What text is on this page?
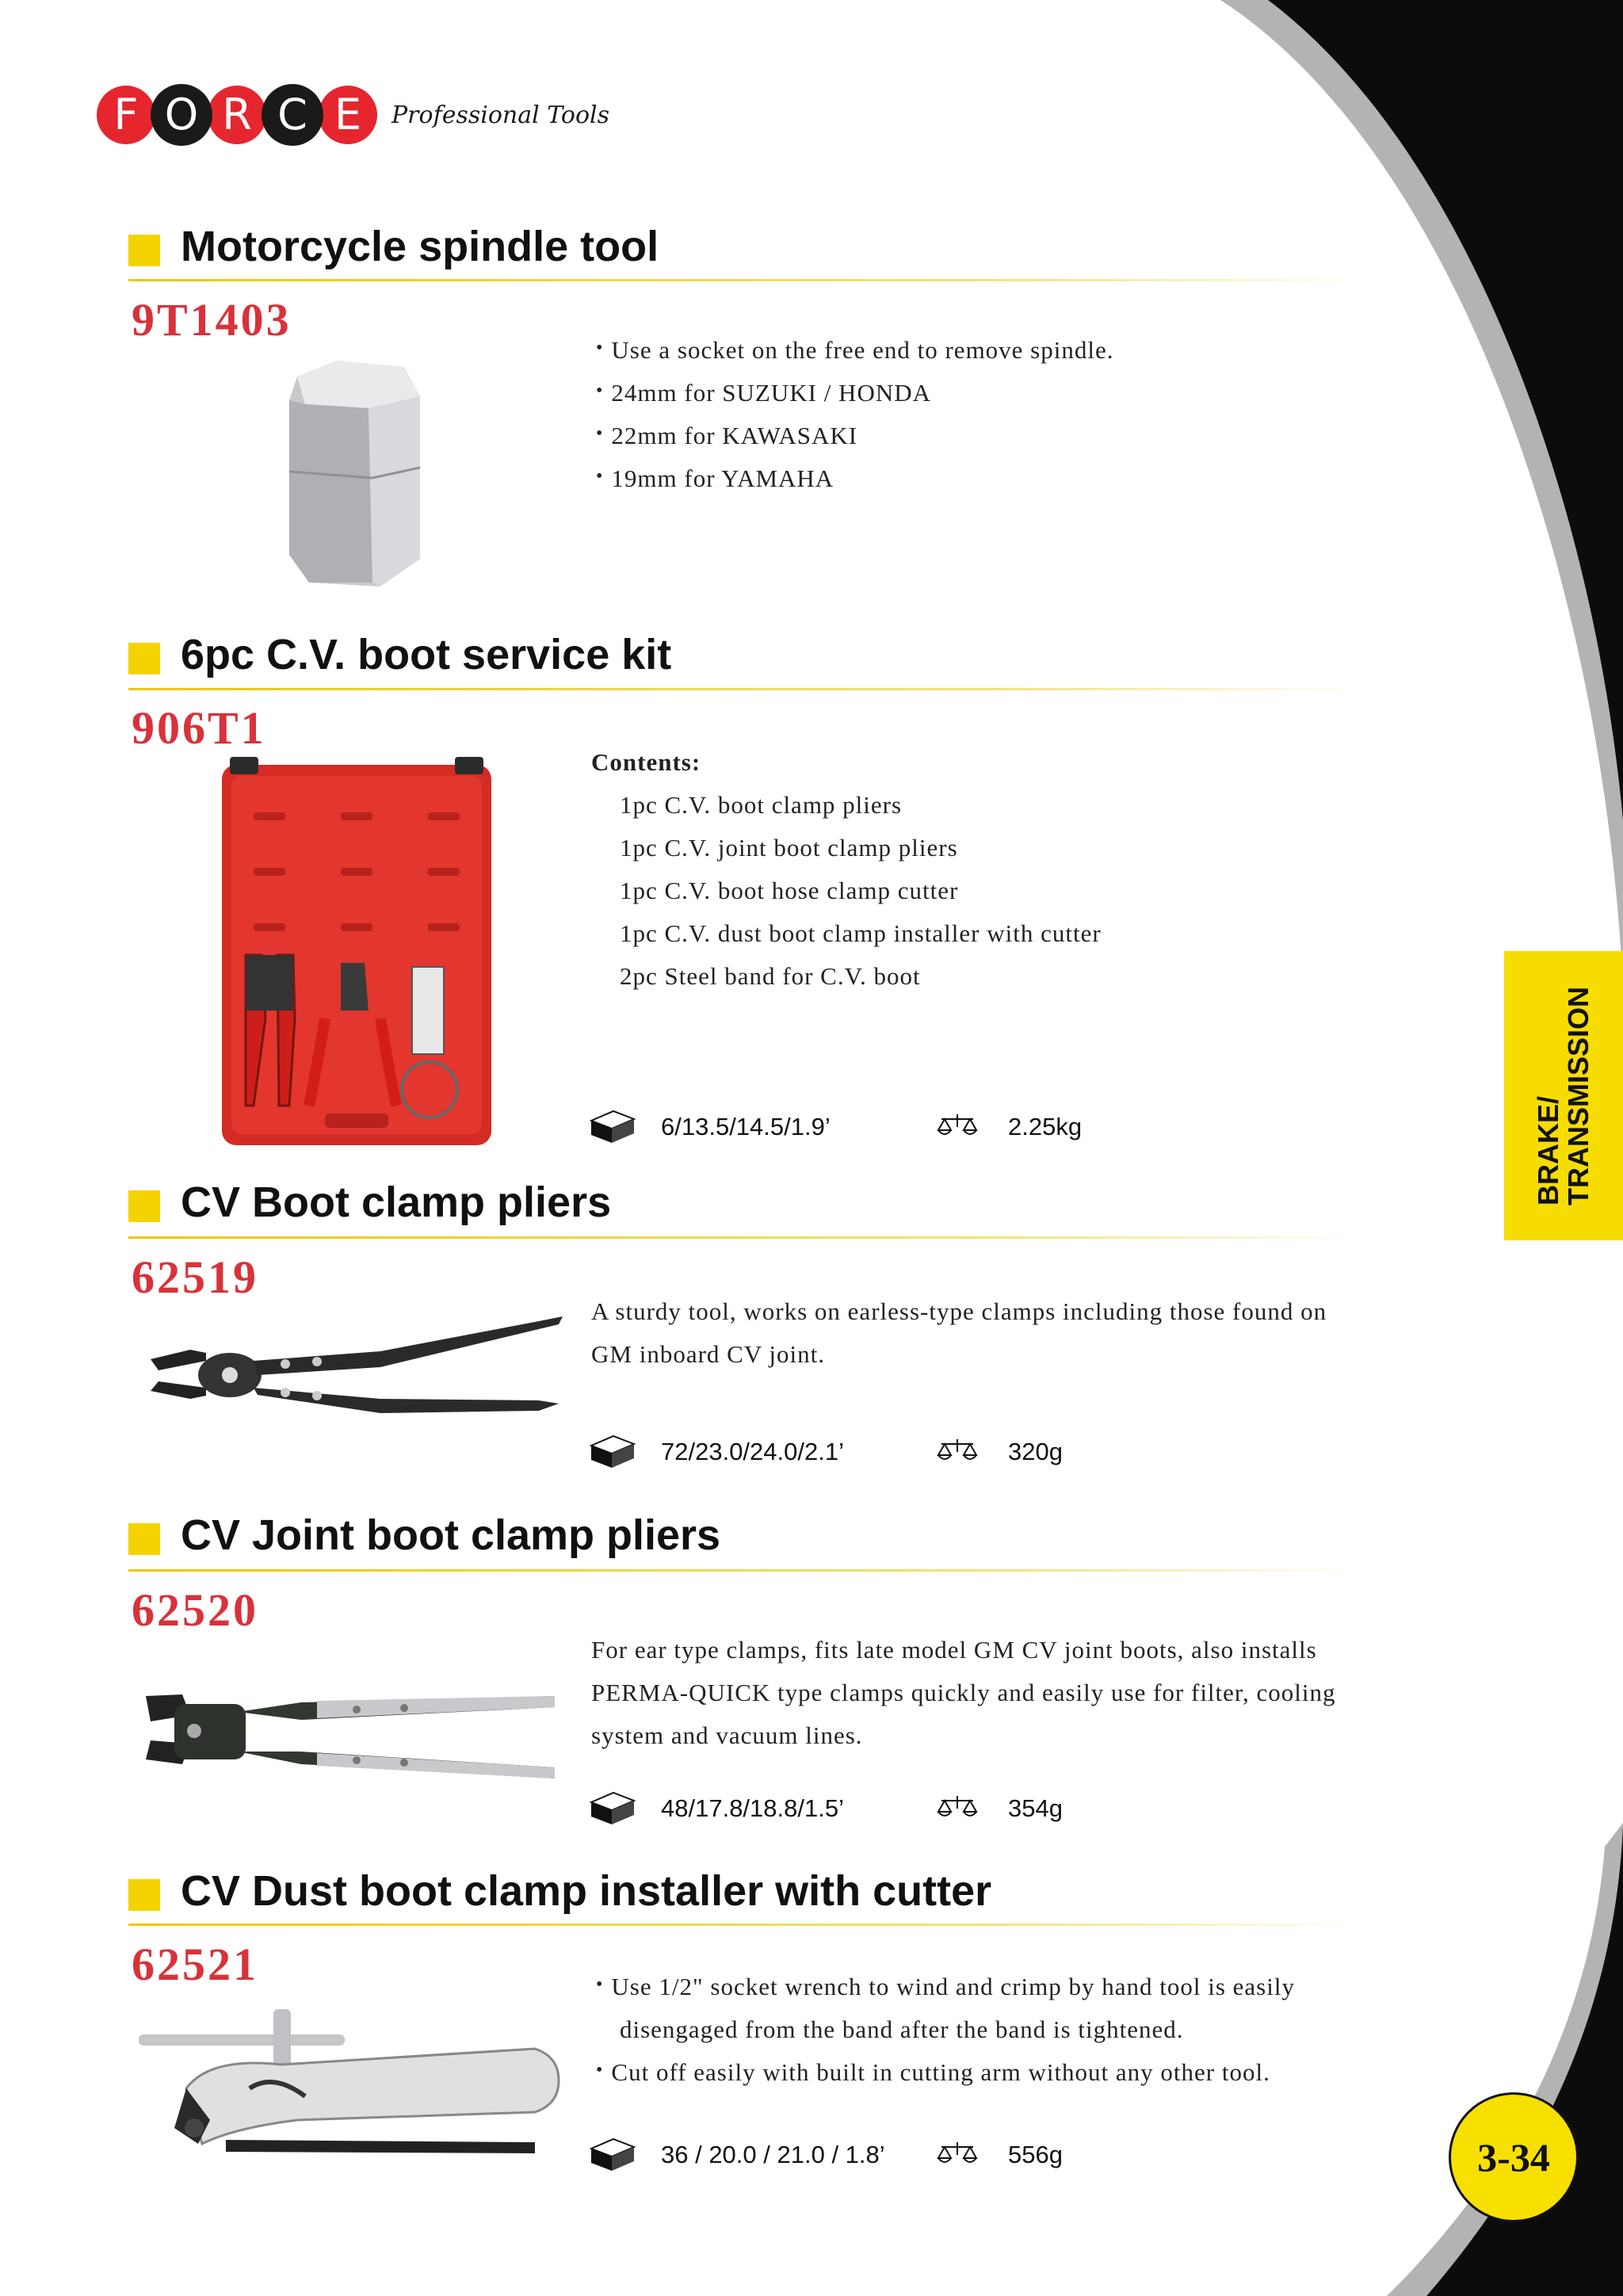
F O R C E	Professional Tools
Motorcycle spindle tool
9T1403
• Use a socket on the free end to remove spindle.
• 24mm for SUZUKI / HONDA
• 22mm for KAWASAKI
• 19mm for YAMAHA
6pc C.V. boot service kit
906T1
Contents:
1pc C.V. boot clamp pliers
1pc C.V. joint boot clamp pliers
1pc C.V. boot hose clamp cutter
1pc C.V. dust boot clamp installer with cutter
2pc Steel band for C.V. boot
6/13.5/14.5/1.9’	2.25kg
CV Boot clamp pliers
62519
A sturdy tool, works on earless-type clamps including those found on
GM inboard CV joint.
72/23.0/24.0/2.1’	320g
CV Joint boot clamp pliers
62520
For ear type clamps, fits late model GM CV joint boots, also installs
PERMA-QUICK type clamps quickly and easily use for filter, cooling
system and vacuum lines.
48/17.8/18.8/1.5’	354g
CV Dust boot clamp installer with cutter
62521
•	Use 1/2" socket wrench to wind and crimp by hand tool is easily
disengaged from the band after the band is tightened.
• Cut off easily with built in cutting arm without any other tool.
36 / 20.0 / 21.0 / 1.8’	556g
BRAKE/
TRANSMISSION
3-34
